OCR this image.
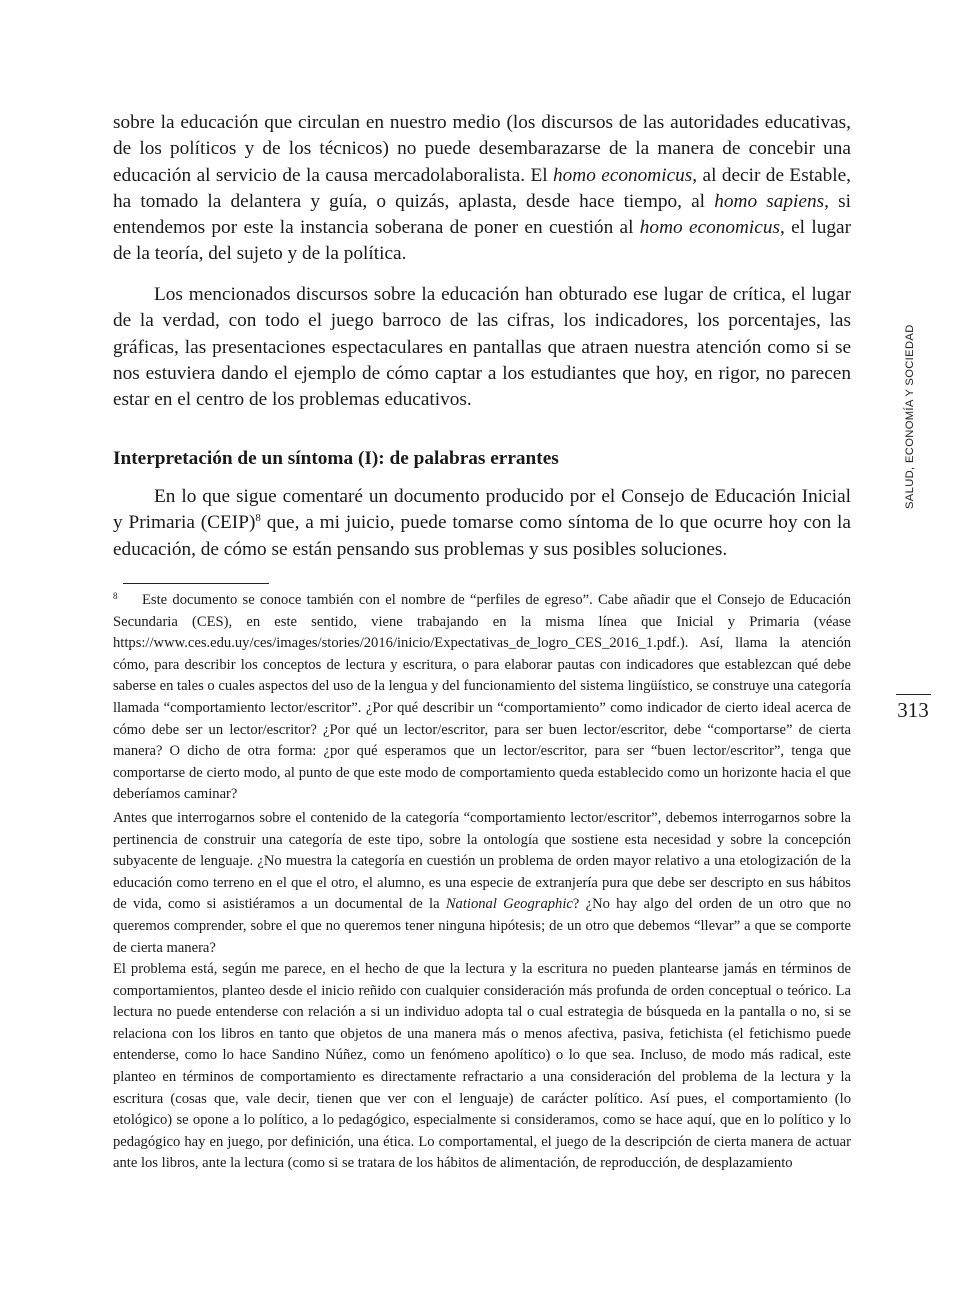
sobre la educación que circulan en nuestro medio (los discursos de las autoridades educativas, de los políticos y de los técnicos) no puede desembarazarse de la manera de concebir una educación al servicio de la causa mercadolaboralista. El homo economicus, al decir de Estable, ha tomado la delantera y guía, o quizás, aplasta, desde hace tiempo, al homo sapiens, si entendemos por este la instancia soberana de poner en cuestión al homo economicus, el lugar de la teoría, del sujeto y de la política.

Los mencionados discursos sobre la educación han obturado ese lugar de crítica, el lugar de la verdad, con todo el juego barroco de las cifras, los indicadores, los porcentajes, las gráficas, las presentaciones espectaculares en pantallas que atraen nuestra atención como si se nos estuviera dando el ejemplo de cómo captar a los estudiantes que hoy, en rigor, no parecen estar en el centro de los problemas educativos.

Interpretación de un síntoma (I): de palabras errantes

En lo que sigue comentaré un documento producido por el Consejo de Educación Inicial y Primaria (CEIP)$^8$ que, a mi juicio, puede tomarse como síntoma de lo que ocurre hoy con la educación, de cómo se están pensando sus problemas y sus posibles soluciones.

8 Este documento se conoce también con el nombre de “perfiles de egreso”. Cabe añadir que el Consejo de Educación Secundaria (CES), en este sentido, viene trabajando en la misma línea que Inicial y Primaria (véase https://www.ces.edu.uy/ces/images/stories/2016/inicio/Expectativas_de_logro_CES_2016_1.pdf.). Así, llama la atención cómo, para describir los conceptos de lectura y escritura, o para elaborar pautas con indicadores que establezcan qué debe saberse en tales o cuales aspectos del uso de la lengua y del funcionamiento del sistema lingüístico, se construye una categoría llamada “comportamiento lector/escritor”. ¿Por qué describir un “comportamiento” como indicador de cierto ideal acerca de cómo debe ser un lector/escritor? ¿Por qué un lector/escritor, para ser buen lector/escritor, debe “comportarse” de cierta manera? O dicho de otra forma: ¿por qué esperamos que un lector/escritor, para ser “buen lector/escritor”, tenga que comportarse de cierto modo, al punto de que este modo de comportamiento queda establecido como un horizonte hacia el que deberíamos caminar?

Antes que interrogarnos sobre el contenido de la categoría “comportamiento lector/escritor”, debemos interrogarnos sobre la pertinencia de construir una categoría de este tipo, sobre la ontología que sostiene esta necesidad y sobre la concepción subyacente de lenguaje. ¿No muestra la categoría en cuestión un problema de orden mayor relativo a una etologización de la educación como terreno en el que el otro, el alumno, es una especie de extranjería pura que debe ser descripto en sus hábitos de vida, como si asistiéramos a un documental de la National Geographic? ¿No hay algo del orden de un otro que no queremos comprender, sobre el que no queremos tener ninguna hipótesis; de un otro que debemos “llevar” a que se comporte de cierta manera?

El problema está, según me parece, en el hecho de que la lectura y la escritura no pueden plantearse jamás en términos de comportamientos, planteo desde el inicio reñido con cualquier consideración más profunda de orden conceptual o teórico. La lectura no puede entenderse con relación a si un individuo adopta tal o cual estrategia de búsqueda en la pantalla o no, si se relaciona con los libros en tanto que objetos de una manera más o menos afectiva, pasiva, fetichista (el fetichismo puede entenderse, como lo hace Sandino Núñez, como un fenómeno apolítico) o lo que sea. Incluso, de modo más radical, este planteo en términos de comportamiento es directamente refractario a una consideración del problema de la lectura y la escritura (cosas que, vale decir, tienen que ver con el lenguaje) de carácter político. Así pues, el comportamiento (lo etológico) se opone a lo político, a lo pedagógico, especialmente si consideramos, como se hace aquí, que en lo político y lo pedagógico hay en juego, por definición, una ética. Lo comportamental, el juego de la descripción de cierta manera de actuar ante los libros, ante la lectura (como si se tratara de los hábitos de alimentación, de reproducción, de desplazamiento

SALUD, ECONOMÍA Y SOCIEDAD
313
